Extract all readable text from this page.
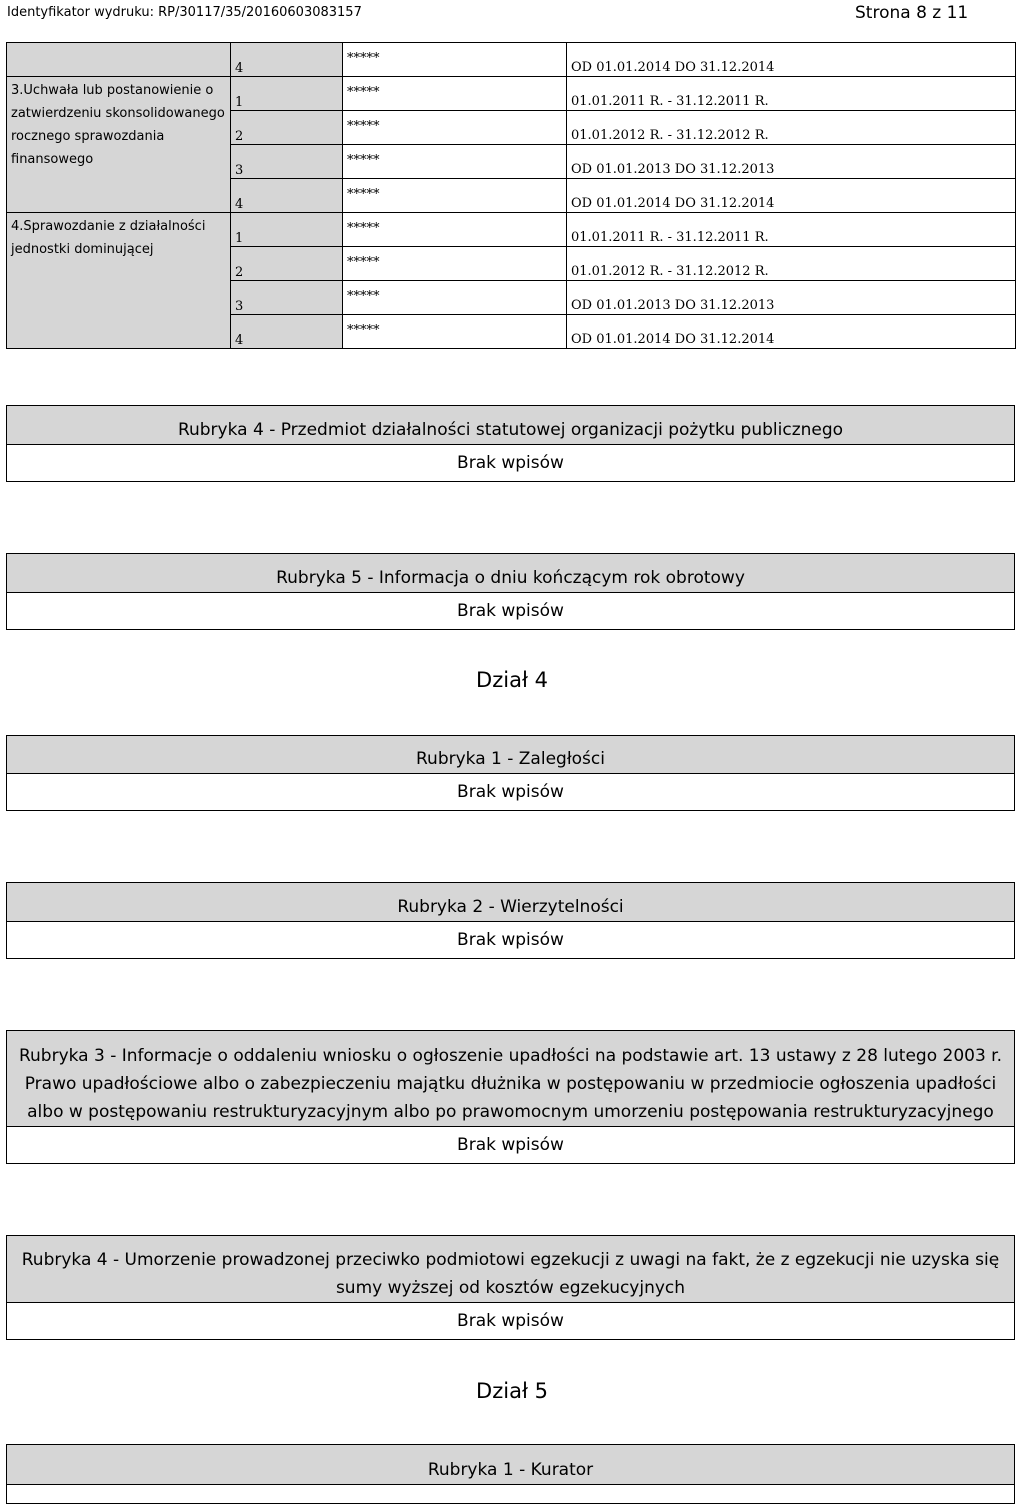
Identyfikator wydruku: RP/30117/35/20160603083157	Strona 8 z 11
	4	*****	OD 01.01.2014 DO 31.12.2014
3.Uchwała lub postanowienie o zatwierdzeniu skonsolidowanego rocznego sprawozdania finansowego	1	*****	01.01.2011 R. - 31.12.2011 R.
	2	*****	01.01.2012 R. - 31.12.2012 R.
	3	*****	OD 01.01.2013 DO 31.12.2013
	4	*****	OD 01.01.2014 DO 31.12.2014
4.Sprawozdanie z działalności jednostki dominującej	1	*****	01.01.2011 R. - 31.12.2011 R.
	2	*****	01.01.2012 R. - 31.12.2012 R.
	3	*****	OD 01.01.2013 DO 31.12.2013
	4	*****	OD 01.01.2014 DO 31.12.2014
Rubryka 4 - Przedmiot działalności statutowej organizacji pożytku publicznego
Brak wpisów
Rubryka 5 - Informacja o dniu kończącym rok obrotowy
Brak wpisów
Dział 4
Rubryka 1 - Zaległości
Brak wpisów
Rubryka 2 - Wierzytelności
Brak wpisów
Rubryka 3 - Informacje o oddaleniu wniosku o ogłoszenie upadłości na podstawie art. 13 ustawy z 28 lutego 2003 r. Prawo upadłościowe albo o zabezpieczeniu majątku dłużnika w postępowaniu w przedmiocie ogłoszenia upadłości albo w postępowaniu restrukturyzacyjnym albo po prawomocnym umorzeniu postępowania restrukturyzacyjnego
Brak wpisów
Rubryka 4 - Umorzenie prowadzonej przeciwko podmiotowi egzekucji z uwagi na fakt, że z egzekucji nie uzyska się sumy wyższej od kosztów egzekucyjnych
Brak wpisów
Dział 5
Rubryka 1 - Kurator
